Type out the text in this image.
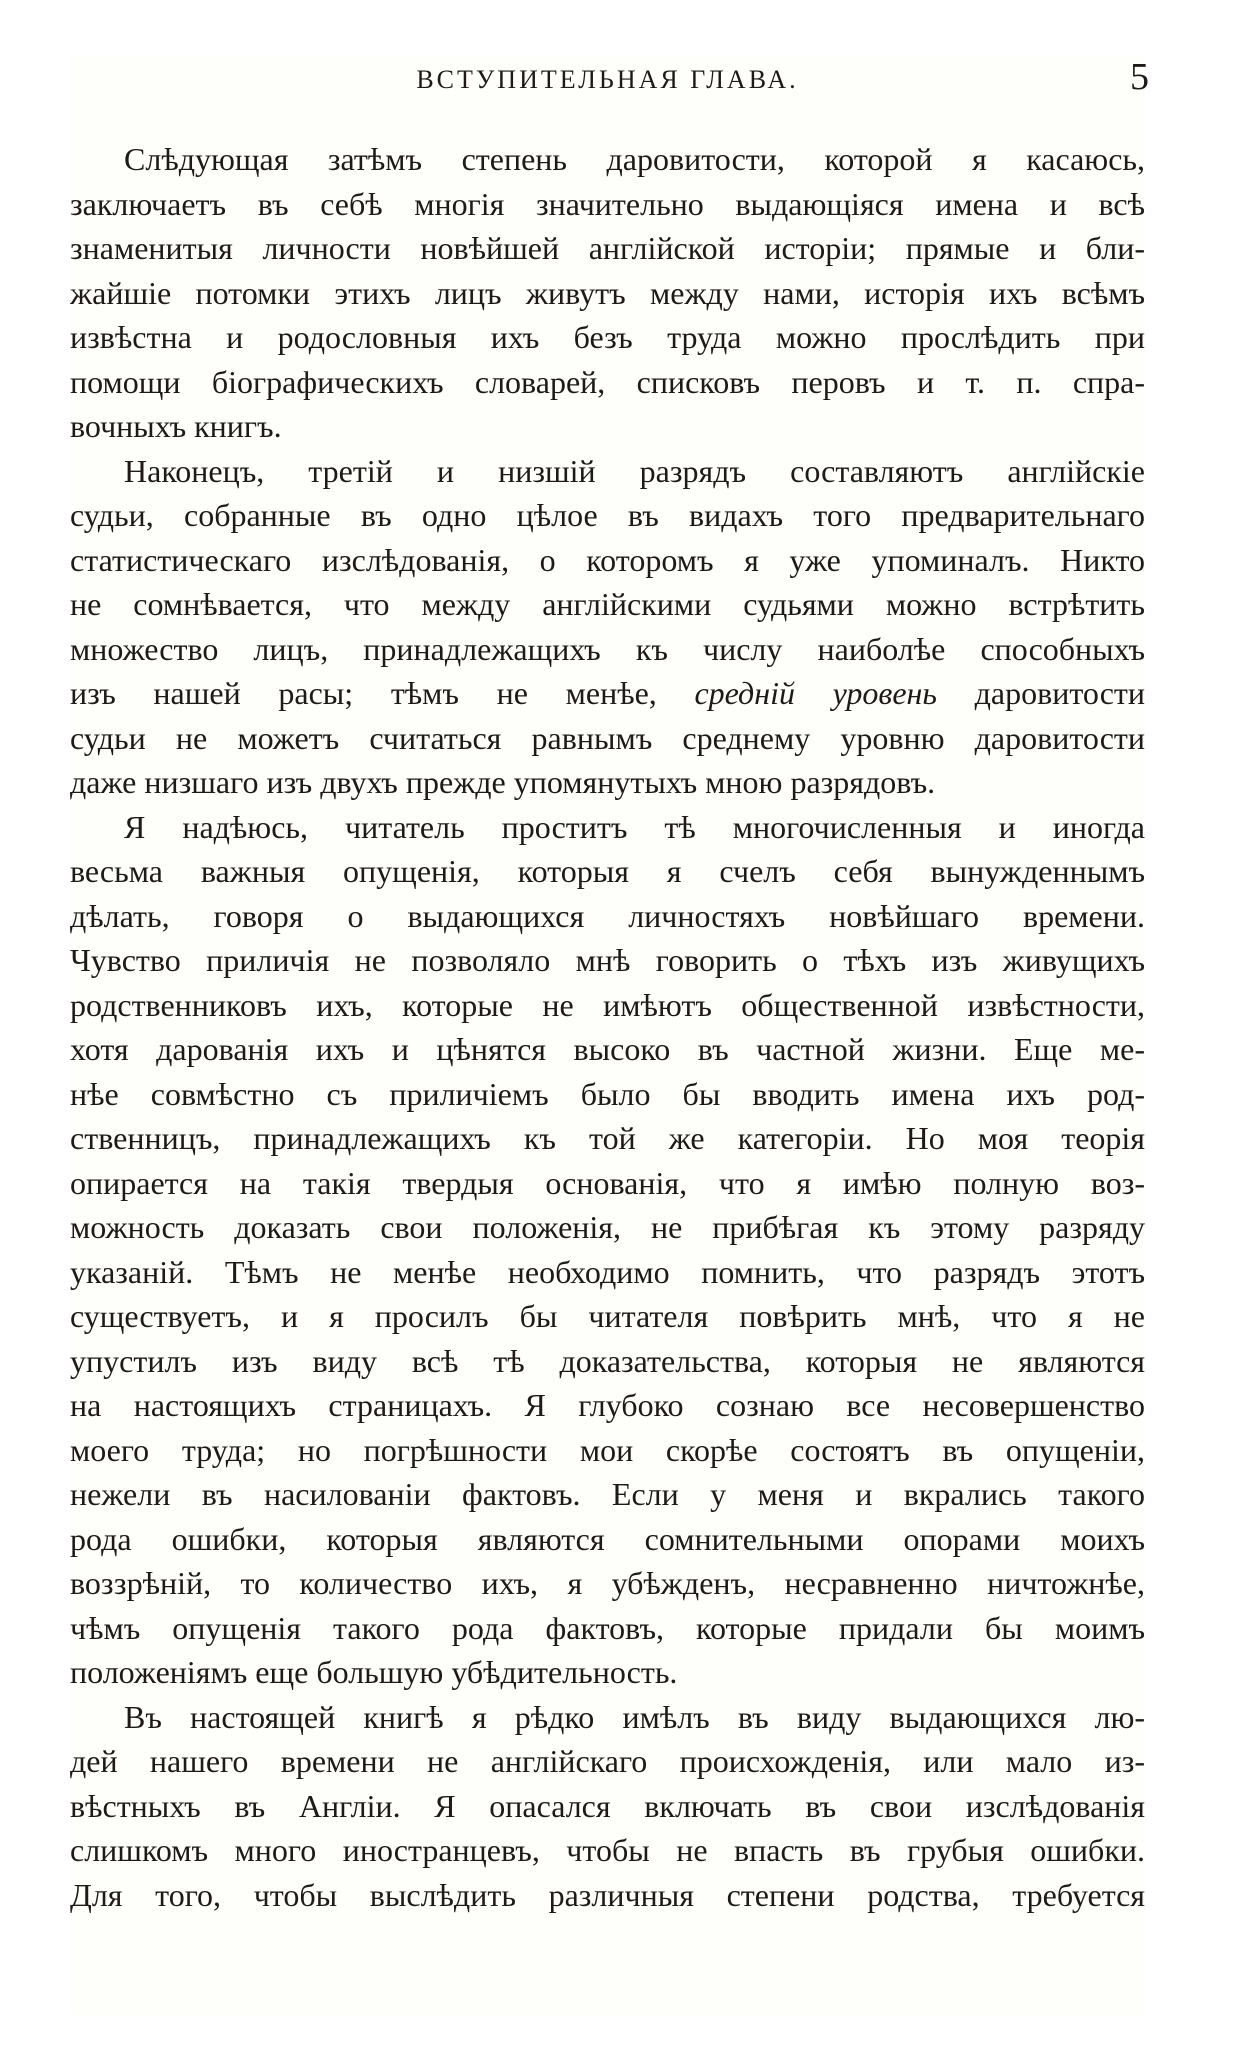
ВСТУПИТЕЛЬНАЯ ГЛАВА.	5
Слѣдующая затѣмъ степень даровитости, которой я касаюсь,
заключаетъ въ себѣ многія значительно выдающіяся имена и всѣ
знаменитыя личности новѣйшей англійской исторіи; прямые и бли-
жайшіе потомки этихъ лицъ живутъ между нами, исторія ихъ всѣмъ
извѣстна и родословныя ихъ безъ труда можно прослѣдить при
помощи біографическихъ словарей, списковъ перовъ и т. п. спра-
вочныхъ книгъ.
Наконецъ, третій и низшій разрядъ составляютъ англійскіе
судьи, собранные въ одно цѣлое въ видахъ того предварительнаго
статистическаго изслѣдованія, о которомъ я уже упоминалъ. Никто
не сомнѣвается, что между англійскими судьями можно встрѣтить
множество лицъ, принадлежащихъ къ числу наиболѣе способныхъ
изъ нашей расы; тѣмъ не менѣе, средній уровень даровитости
судьи не можетъ считаться равнымъ среднему уровню даровитости
даже низшаго изъ двухъ прежде упомянутыхъ мною разрядовъ.
Я надѣюсь, читатель проститъ тѣ многочисленныя и иногда
весьма важныя опущенія, которыя я счелъ себя вынужденнымъ
дѣлать, говоря о выдающихся личностяхъ новѣйшаго времени.
Чувство приличія не позволяло мнѣ говорить о тѣхъ изъ живущихъ
родственниковъ ихъ, которые не имѣютъ общественной извѣстности,
хотя дарованія ихъ и цѣнятся высоко въ частной жизни. Еще ме-
нѣе совмѣстно съ приличіемъ было бы вводить имена ихъ род-
ственницъ, принадлежащихъ къ той же категоріи. Но моя теорія
опирается на такія твердыя основанія, что я имѣю полную воз-
можность доказать свои положенія, не прибѣгая къ этому разряду
указаній. Тѣмъ не менѣе необходимо помнить, что разрядъ этотъ
существуетъ, и я просилъ бы читателя повѣрить мнѣ, что я не
упустилъ изъ виду всѣ тѣ доказательства, которыя не являются
на настоящихъ страницахъ. Я глубоко сознаю все несовершенство
моего труда; но погрѣшности мои скорѣе состоятъ въ опущеніи,
нежели въ насилованіи фактовъ. Если у меня и вкрались такого
рода ошибки, которыя являются сомнительными опорами моихъ
воззрѣній, то количество ихъ, я убѣжденъ, несравненно ничтожнѣе,
чѣмъ опущенія такого рода фактовъ, которые придали бы моимъ
положеніямъ еще большую убѣдительность.
Въ настоящей книгѣ я рѣдко имѣлъ въ виду выдающихся лю-
дей нашего времени не англійскаго происхожденія, или мало из-
вѣстныхъ въ Англіи. Я опасался включать въ свои изслѣдованія
слишкомъ много иностранцевъ, чтобы не впасть въ грубыя ошибки.
Для того, чтобы выслѣдить различныя степени родства, требуется
